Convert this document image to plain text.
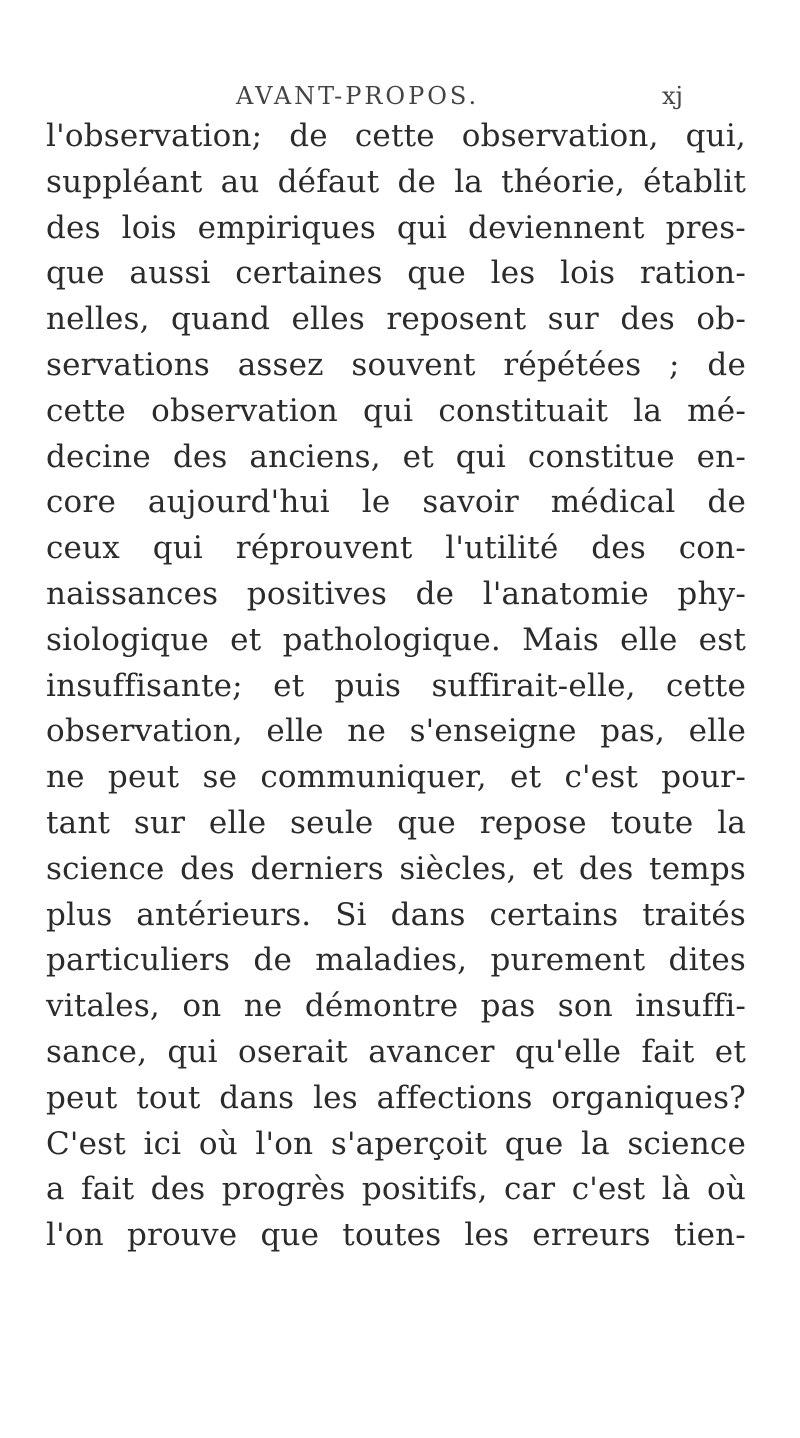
AVANT-PROPOS.	xj
l'observation; de cette observation, qui,
suppléant au défaut de la théorie, établit
des lois empiriques qui deviennent pres-
que aussi certaines que les lois ration-
nelles, quand elles reposent sur des ob-
servations assez souvent répétées ; de
cette observation qui constituait la mé-
decine des anciens, et qui constitue en-
core aujourd'hui le savoir médical de
ceux qui réprouvent l'utilité des con-
naissances positives de l'anatomie phy-
siologique et pathologique. Mais elle est
insuffisante; et puis suffirait-elle, cette
observation, elle ne s'enseigne pas, elle
ne peut se communiquer, et c'est pour-
tant sur elle seule que repose toute la
science des derniers siècles, et des temps
plus antérieurs. Si dans certains traités
particuliers de maladies, purement dites
vitales, on ne démontre pas son insuffi-
sance, qui oserait avancer qu'elle fait et
peut tout dans les affections organiques?
C'est ici où l'on s'aperçoit que la science
a fait des progrès positifs, car c'est là où
l'on prouve que toutes les erreurs tien-
